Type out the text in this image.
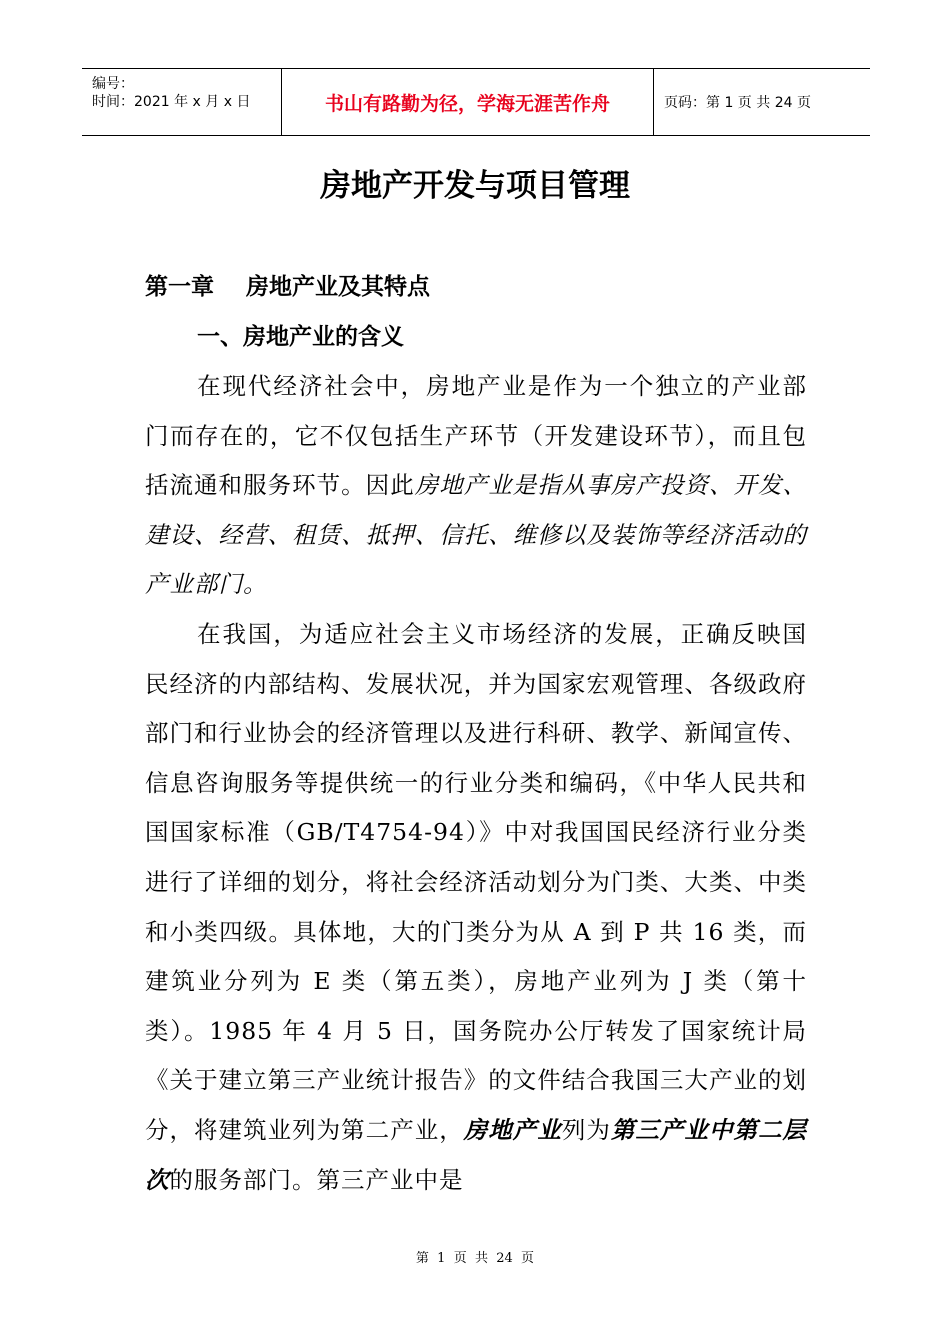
编号：
时间：2021 年 x 月 x 日	书山有路勤为径，学海无涯苦作舟	页码：第 1 页 共 24 页
房地产开发与项目管理
第一章    房地产业及其特点
一、房地产业的含义

在现代经济社会中，房地产业是作为一个独立的产业部门而存在的，它不仅包括生产环节（开发建设环节），而且包括流通和服务环节。因此房地产业是指从事房产投资、开发、建设、经营、租赁、抵押、信托、维修以及装饰等经济活动的产业部门。

在我国，为适应社会主义市场经济的发展，正确反映国民经济的内部结构、发展状况，并为国家宏观管理、各级政府部门和行业协会的经济管理以及进行科研、教学、新闻宣传、信息咨询服务等提供统一的行业分类和编码，《中华人民共和国国家标准（GB/T4754-94）》中对我国国民经济行业分类进行了详细的划分，将社会经济活动划分为门类、大类、中类和小类四级。具体地，大的门类分为从 A 到 P 共 16 类，而建筑业分列为 E 类（第五类），房地产业列为 J 类（第十类）。1985 年 4 月 5 日，国务院办公厅转发了国家统计局《关于建立第三产业统计报告》的文件结合我国三大产业的划分，将建筑业列为第二产业，房地产业列为第三产业中第二层次的服务部门。第三产业中是

第  1  页  共  24  页
